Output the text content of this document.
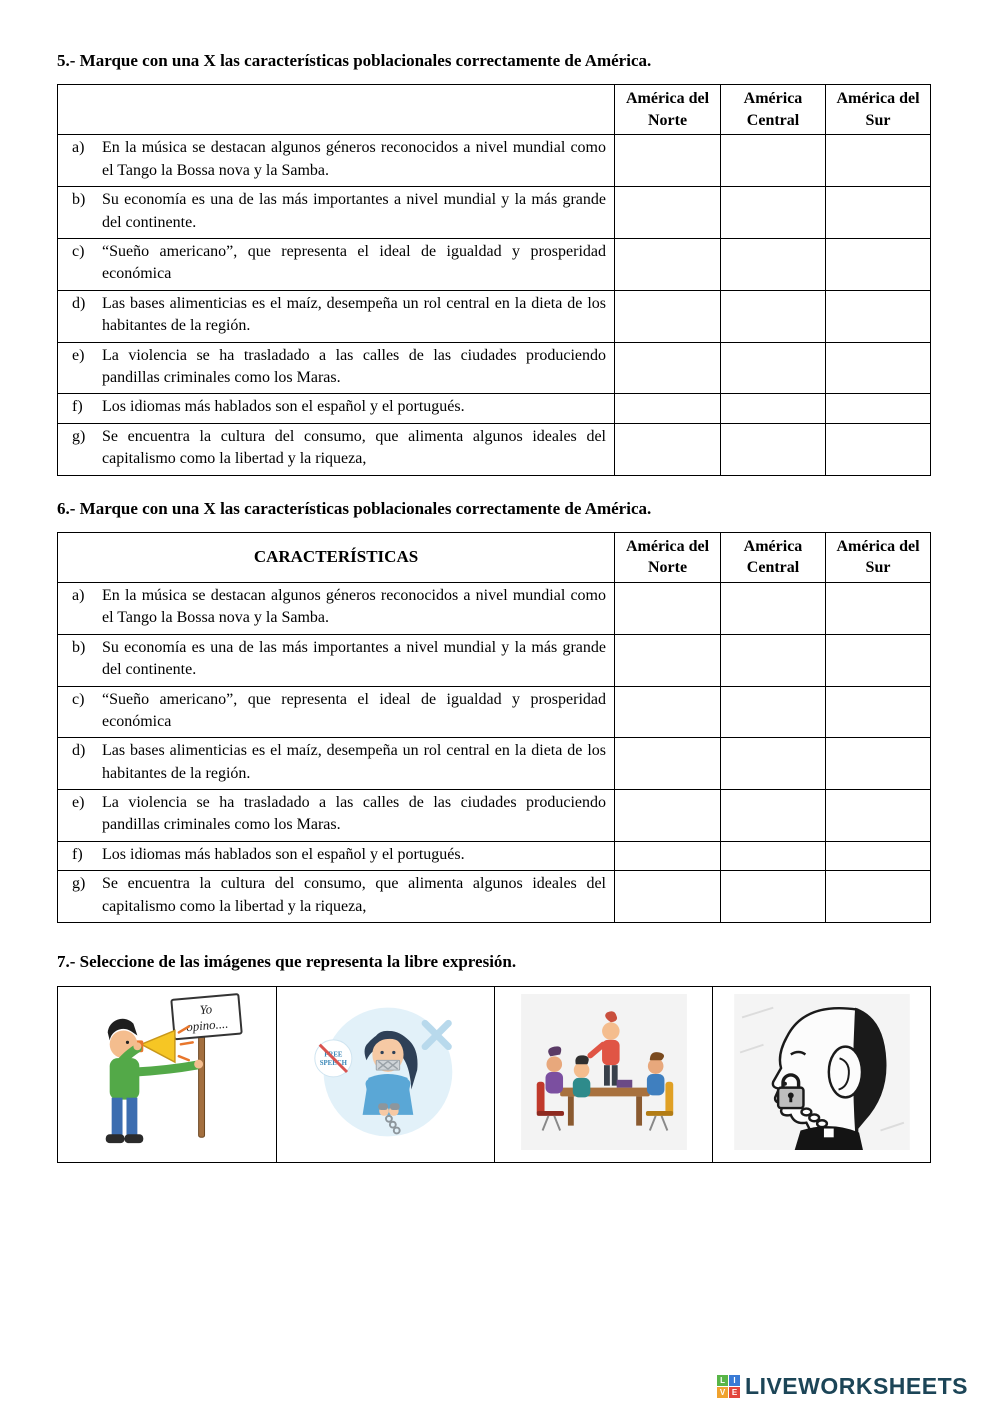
5.- Marque con una X las características poblacionales correctamente de América.
	América del Norte	América Central	América del Sur

a) En la música se destacan algunos géneros reconocidos a nivel mundial como el Tango la Bossa nova y la Samba.			

b) Su economía es una de las más importantes a nivel mundial y la más grande del continente.			

c) “Sueño americano”, que representa el ideal de igualdad y prosperidad económica			

d) Las bases alimenticias es el maíz, desempeña un rol central en la dieta de los habitantes de la región.			

e) La violencia se ha trasladado a las calles de las ciudades produciendo pandillas criminales como los Maras.			

f) Los idiomas más hablados son el español y el portugués.			

g) Se encuentra la cultura del consumo, que alimenta algunos ideales del capitalismo como la libertad y la riqueza,			

6.- Marque con una X las características poblacionales correctamente de América.
CARACTERÍSTICAS	América del Norte	América Central	América del Sur

a) En la música se destacan algunos géneros reconocidos a nivel mundial como el Tango la Bossa nova y la Samba.			

b) Su economía es una de las más importantes a nivel mundial y la más grande del continente.			

c) “Sueño americano”, que representa el ideal de igualdad y prosperidad económica			

d) Las bases alimenticias es el maíz, desempeña un rol central en la dieta de los habitantes de la región.			

e) La violencia se ha trasladado a las calles de las ciudades produciendo pandillas criminales como los Maras.			

f) Los idiomas más hablados son el español y el portugués.			

g) Se encuentra la cultura del consumo, que alimenta algunos ideales del capitalismo como la libertad y la riqueza,			

7.- Seleccione de las imágenes que representa la libre expresión.
Yo
opino....

FREE
SPEECH

L	I
V E LIVEWORKSHEETS
